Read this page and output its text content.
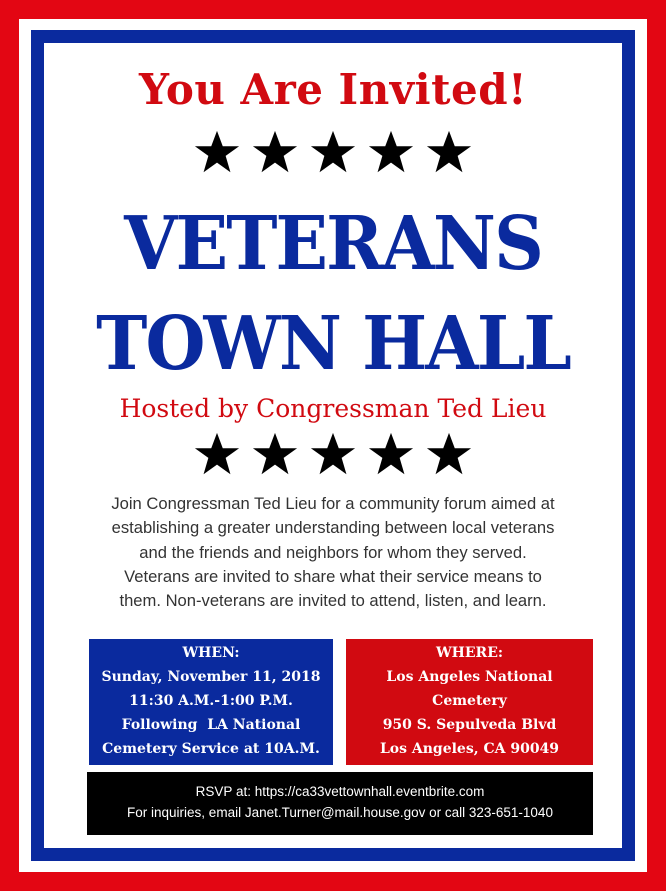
You Are Invited!
VETERANS
TOWN HALL
Hosted by Congressman Ted Lieu
Join Congressman Ted Lieu for a community forum aimed at
establishing a greater understanding between local veterans
and the friends and neighbors for whom they served.
Veterans are invited to share what their service means to
them. Non-veterans are invited to attend, listen, and learn.
WHEN:
Sunday, November 11, 2018
11:30 A.M.-1:00 P.M.
Following  LA National
Cemetery Service at 10A.M.
WHERE:
Los Angeles National
Cemetery
950 S. Sepulveda Blvd
Los Angeles, CA 90049
RSVP at: https://ca33vettownhall.eventbrite.com
For inquiries, email Janet.Turner@mail.house.gov or call 323-651-1040
